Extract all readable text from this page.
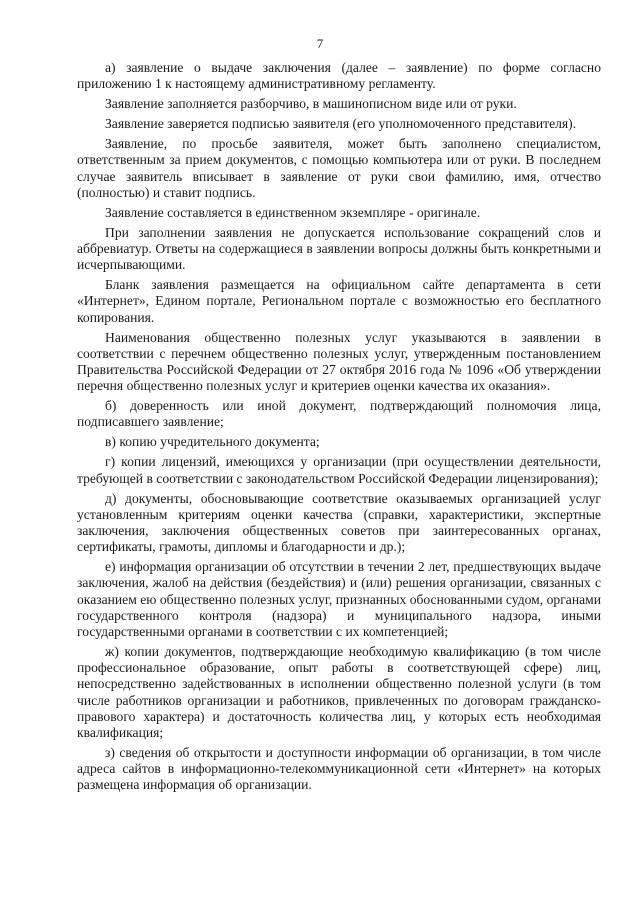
7

а) заявление о выдаче заключения (далее – заявление) по форме согласно приложению 1 к настоящему административному регламенту.

Заявление заполняется разборчиво, в машинописном виде или от руки.

Заявление заверяется подписью заявителя (его уполномоченного представителя).

Заявление, по просьбе заявителя, может быть заполнено специалистом, ответственным за прием документов, с помощью компьютера или от руки. В последнем случае заявитель вписывает в заявление от руки свои фамилию, имя, отчество (полностью) и ставит подпись.

Заявление составляется в единственном экземпляре - оригинале.

При заполнении заявления не допускается использование сокращений слов и аббревиатур. Ответы на содержащиеся в заявлении вопросы должны быть конкретными и исчерпывающими.

Бланк заявления размещается на официальном сайте департамента в сети «Интернет», Едином портале, Региональном портале с возможностью его бесплатного копирования.

Наименования общественно полезных услуг указываются в заявлении в соответствии с перечнем общественно полезных услуг, утвержденным постановлением Правительства Российской Федерации от 27 октября 2016 года № 1096 «Об утверждении перечня общественно полезных услуг и критериев оценки качества их оказания».

б) доверенность или иной документ, подтверждающий полномочия лица, подписавшего заявление;

в) копию учредительного документа;

г) копии лицензий, имеющихся у организации (при осуществлении деятельности, требующей в соответствии с законодательством Российской Федерации лицензирования);

д) документы, обосновывающие соответствие оказываемых организацией услуг установленным критериям оценки качества (справки, характеристики, экспертные заключения, заключения общественных советов при заинтересованных органах, сертификаты, грамоты, дипломы и благодарности и др.);

е) информация организации об отсутствии в течении 2 лет, предшествующих выдаче заключения, жалоб на действия (бездействия) и (или) решения организации, связанных с оказанием ею общественно полезных услуг, признанных обоснованными судом, органами государственного контроля (надзора) и муниципального надзора, иными государственными органами в соответствии с их компетенцией;

ж) копии документов, подтверждающие необходимую квалификацию (в том числе профессиональное образование, опыт работы в соответствующей сфере) лиц, непосредственно задействованных в исполнении общественно полезной услуги (в том числе работников организации и работников, привлеченных по договорам гражданско-правового характера) и достаточность количества лиц, у которых есть необходимая квалификация;

з) сведения об открытости и доступности информации об организации, в том числе адреса сайтов в информационно-телекоммуникационной сети «Интернет» на которых размещена информация об организации.
